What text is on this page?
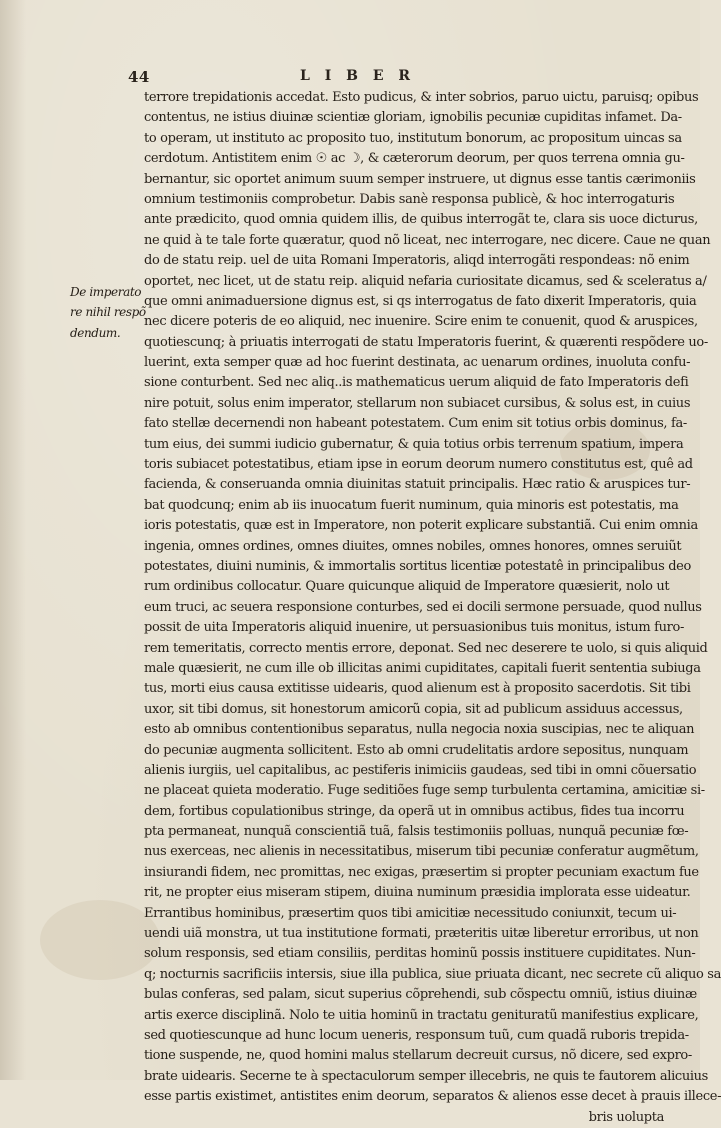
44	L I B E R
De imperato
re nihil respõ
dendum.
terrore trepidationis accedat. Esto pudicus, & inter sobrios, paruo uictu, paruisq; opibus
contentus, ne istius diuinæ scientiæ gloriam, ignobilis pecuniæ cupiditas infamet. Da-
to operam, ut instituto ac proposito tuo, institutum bonorum, ac propositum uincas sa
cerdotum. Antistitem enim ☉ ac ☽, & cæterorum deorum, per quos terrena omnia gu-
bernantur, sic oportet animum suum semper instruere, ut dignus esse tantis cærimoniis
omnium testimoniis comprobetur. Dabis sanè responsa publicè, & hoc interrogaturis
ante prædicito, quod omnia quidem illis, de quibus interrogãt te, clara sis uoce dicturus,
ne quid à te tale forte quæratur, quod nõ liceat, nec interrogare, nec dicere. Caue ne quan
do de statu reip. uel de uita Romani Imperatoris, aliqd interrogãti respondeas: nõ enim
oportet, nec licet, ut de statu reip. aliquid nefaria curiositate dicamus, sed & sceleratus a/
que omni animaduersione dignus est, si qs interrogatus de fato dixerit Imperatoris, quia
nec dicere poteris de eo aliquid, nec inuenire. Scire enim te conuenit, quod & aruspices,
quotiescunq; à priuatis interrogati de statu Imperatoris fuerint, & quærenti respõdere uo-
luerint, exta semper quæ ad hoc fuerint destinata, ac uenarum ordines, inuoluta confu-
sione conturbent. Sed nec aliq..is mathematicus uerum aliquid de fato Imperatoris defi
nire potuit, solus enim imperator, stellarum non subiacet cursibus, & solus est, in cuius
fato stellæ decernendi non habeant potestatem. Cum enim sit totius orbis dominus, fa-
tum eius, dei summi iudicio gubernatur, & quia totius orbis terrenum spatium, impera
toris subiacet potestatibus, etiam ipse in eorum deorum numero constitutus est, quê ad
facienda, & conseruanda omnia diuinitas statuit principalis. Hæc ratio & aruspices tur-
bat quodcunq; enim ab iis inuocatum fuerit numinum, quia minoris est potestatis, ma
ioris potestatis, quæ est in Imperatore, non poterit explicare substantiã. Cui enim omnia
ingenia, omnes ordines, omnes diuites, omnes nobiles, omnes honores, omnes seruiũt
potestates, diuini numinis, & immortalis sortitus licentiæ potestatê in principalibus deo
rum ordinibus collocatur. Quare quicunque aliquid de Imperatore quæsierit, nolo ut
eum truci, ac seuera responsione conturbes, sed ei docili sermone persuade, quod nullus
possit de uita Imperatoris aliquid inuenire, ut persuasionibus tuis monitus, istum furo-
rem temeritatis, correcto mentis errore, deponat. Sed nec deserere te uolo, si quis aliquid
male quæsierit, ne cum ille ob illicitas animi cupiditates, capitali fuerit sententia subiuga
tus, morti eius causa extitisse uidearis, quod alienum est à proposito sacerdotis. Sit tibi
uxor, sit tibi domus, sit honestorum amicorũ copia, sit ad publicum assiduus accessus,
esto ab omnibus contentionibus separatus, nulla negocia noxia suscipias, nec te aliquan
do pecuniæ augmenta sollicitent. Esto ab omni crudelitatis ardore sepositus, nunquam
alienis iurgiis, uel capitalibus, ac pestiferis inimiciis gaudeas, sed tibi in omni cõuersatio
ne placeat quieta moderatio. Fuge seditiões fuge semp turbulenta certamina, amicitiæ si-
dem, fortibus copulationibus stringe, da operã ut in omnibus actibus, fides tua incorru
pta permaneat, nunquã conscientiã tuã, falsis testimoniis polluas, nunquã pecuniæ fœ-
nus exerceas, nec alienis in necessitatibus, miserum tibi pecuniæ conferatur augmẽtum,
insiurandi fidem, nec promittas, nec exigas, præsertim si propter pecuniam exactum fue
rit, ne propter eius miseram stipem, diuina numinum præsidia implorata esse uideatur.
Errantibus hominibus, præsertim quos tibi amicitiæ necessitudo coniunxit, tecum ui-
uendi uiã monstra, ut tua institutione formati, præteritis uitæ liberetur erroribus, ut non
solum responsis, sed etiam consiliis, perditas hominũ possis instituere cupiditates. Nun-
q; nocturnis sacrificiis intersis, siue illa publica, siue priuata dicant, nec secrete cũ aliquo sa
bulas conferas, sed palam, sicut superius cõprehendi, sub cõspectu omniũ, istius diuinæ
artis exerce disciplinã. Nolo te uitia hominũ in tractatu genituratũ manifestius explicare,
sed quotiescunque ad hunc locum ueneris, responsum tuũ, cum quadã ruboris trepida-
tione suspende, ne, quod homini malus stellarum decreuit cursus, nõ dicere, sed expro-
brate uidearis. Secerne te à spectaculorum semper illecebris, ne quis te fautorem alicuius
esse partis existimet, antistites enim deorum, separatos & alienos esse decet à prauis illece-
bris uolupta
